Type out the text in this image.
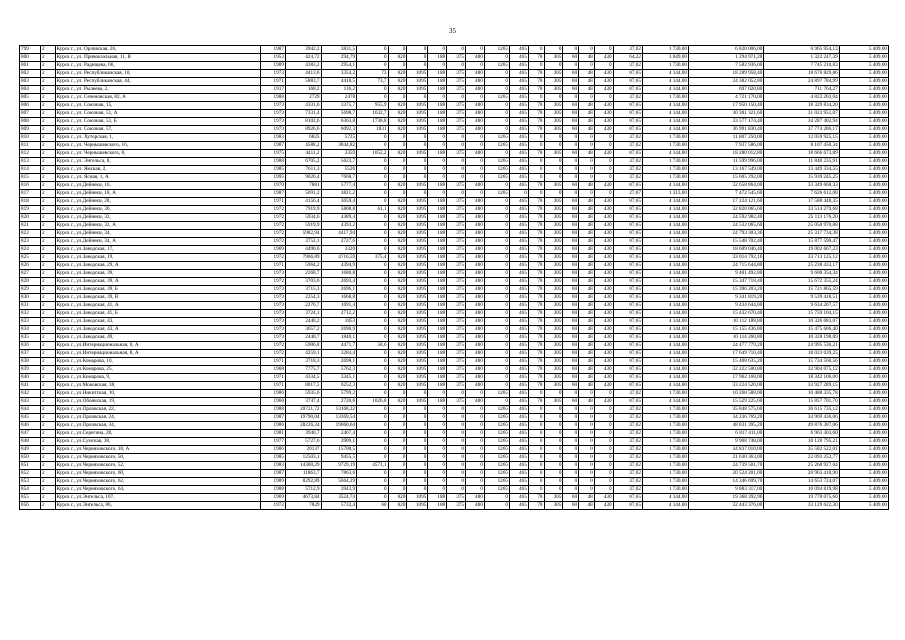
35
799	2	Курск г., ул. Орловская, 26,	1987	3942,2	3831,5	0	0	0	0	0	0	1265	465	0	0	0	0	0	37,02	1 730,00	6 820 006,00	6 965 954,13	5 409,00
800	2	Курск г., ул. Привокзальная, 11, В	1953	424,72	294,79	0	620	0	188	375	480	0	465	78	305	60	48	430	64,22	3 049,00	1 294 971,28	1 322 247,39	5 409,00
801	2	Курск г., ул. Радищева, 66,	1989	4383,2	2954,1	0	0	0	0	0	0	1265	465	0	0	0	0	0	37,02	1 730,00	7 582 936,00	7 745 210,83	5 409,00
802	2	Курск г., ул. Республиканская, 10,	1973	4413,6	3354,2	73	620	1095	188	375	480	0	465	78	305	60	48	430	87,65	4 144,00	18 289 958,40	18 676 829,86	5 409,00
803	2	Курск г., ул. Республиканская, 44,	1971	5883,7	4418,5	73,7	620	1095	188	375	480	0	465	78	305	60	48	430	87,65	4 144,00	24 382 052,80	24 897 784,99	5 409,00
804	2	Курск г., ул. Рылеева, 2,	1917	168,2	116,2	0	620	1095	188	375	480	0	465	78	305	60	48	430	87,65	4 144,00	697 020,80	711 764,27	5 409,00
805	2	Курск г., ул. Сеченовская, 82, А	1988	2729	2478	0	0	0	0	0	0	1265	465	0	0	0	0	0	37,02	1 730,00	4 721 170,00	4 822 203,04	5 409,00
806	2	Курск г., ул. Союзная, 15,	1973	4331,6	3375,7	955,9	620	1095	188	375	480	0	465	78	305	60	48	430	87,65	4 144,00	17 950 150,40	18 329 834,20	5 409,00
807	2	Курск г., ул. Союзная, 51, А	1973	7331,4	5698,7	1632,7	620	1095	188	375	480	0	465	78	305	60	48	430	87,65	4 144,00	30 381 321,60	31 023 951,07	5 409,00
808	2	Курск г., ул. Союзная, 51, Б	1973	8102,6	6363,8	1738,8	620	1095	188	375	480	0	465	78	305	60	48	430	87,65	4 144,00	33 577 174,40	34 287 402,94	5 409,00
809	2	Курск г., ул. Союзная, 57,	1973	8926,6	6092,3	1831	620	1095	188	375	480	0	465	78	305	60	48	430	87,65	4 144,00	36 991 830,40	37 774 286,17	5 409,00
810	2	Курск г., ул. Хуторская, 1,	1983	6825	5725	0	0	0	0	0	0	1265	465	0	0	0	0	0	37,02	1 730,00	11 807 250,00	12 059 925,15	5 409,00
811	2	Курск г., ул. Чернышевского, 16,	1987	4588,2	3844,82	0	0	0	0	0	0	1265	465	0	0	0	0	0	37,02	1 730,00	7 937 586,00	8 107 450,34	5 409,00
812	2	Курск г., ул. Чернышевского, 8,	1975	4411,2	3359	1052,2	620	1095	188	375	480	0	465	78	305	60	48	430	87,65	4 144,00	18 280 012,80	18 666 673,89	5 409,00
813	2	Курск г., ул. Энгельса, 8,	1988	6705,2	5623,7	0	0	0	0	0	0	1265	465	0	0	0	0	0	37,02	1 730,00	11 599 996,00	11 848 235,91	5 409,00
814	2	Курск г., ул. Ямская, 2,	1985	7611,3	5526	0	0	0	0	0	0	1265	465	0	0	0	0	0	37,02	1 730,00	13 167 549,00	13 449 334,55	5 409,00
815	2	Курск г., ул. Ясная, 1, А	1995	9020,4	7668,7	0	0	0	0	0	0	1265	465	0	0	0	0	0	37,02	1 730,00	15 605 292,00	15 939 245,25	5 409,00
816	2	Курск г., ул.Дейнеки, 16,	1970	7881	5777,4	0	620	1095	188	375	480	0	465	78	305	60	48	430	87,65	4 144,00	32 658 864,00	33 349 668,33	5 409,00
817	2	Курск г., ул.Дейнеки, 18, А	1987	5691,2	3821,2	0	0	0	0	0	0	1265	0	0	0	0	0	0	27,07	1 313,00	7 472 545,60	7 626 612,08	5 409,00
818	2	Курск г., ул.Дейнеки, 28,	1971	4156,4	3059,4	0	620	1095	188	375	480	0	465	78	305	60	48	430	87,65	4 144,00	17 224 121,60	17 588 448,35	5 409,00
819	2	Курск г., ул.Дейнеки, 30,	1972	7919,9	5808,8	61,1	620	1095	188	375	480	0	465	78	305	60	48	430	87,65	4 144,00	32 820 065,60	33 514 279,68	5 409,00
820	2	Курск г., ул.Дейнеки, 32,	1972	5934,6	4389,4	0	620	1095	188	375	480	0	465	78	305	60	48	430	87,65	4 144,00	24 592 982,40	25 113 176,20	5 409,00
821	2	Курск г., ул.Дейнеки, 32, А	1972	5919,9	4393,2	0	620	1095	188	375	480	0	465	78	305	60	48	430	87,65	4 144,00	24 532 065,60	25 050 970,88	5 409,00
822	2	Курск г., ул.Дейнеки, 34,	1972	5982,94	4417,94	0	620	1095	188	375	480	0	465	78	305	60	48	430	87,65	4 144,00	24 793 303,36	25 317 734,38	5 409,00
823	2	Курск г., ул.Дейнеки, 34, А	1972	3752,1	2727,6	0	620	1095	188	375	480	0	465	78	305	60	48	430	87,65	4 144,00	15 548 702,40	15 877 590,47	5 409,00
824	2	Курск г., ул.Заводская, 17,	1969	4490,6	3320	0	620	1095	188	375	480	0	465	78	305	60	48	430	87,65	4 144,00	18 609 046,40	19 002 667,23	5 409,00
825	2	Курск г., ул.Заводская, 19,	1972	7966,89	4716,59	375,4	620	1095	188	375	480	0	465	78	305	60	48	430	87,65	4 144,00	33 014 792,16	33 713 125,12	5 409,00
826	2	Курск г., ул.Заводская, 29, А	1971	5964,2	4394,9	0	620	1095	188	375	480	0	465	78	305	60	48	430	87,65	4 144,00	24 715 644,80	25 238 433,17	5 409,00
827	2	Курск г., ул.Заводская, 39,	1973	2268,7	1680,8	0	620	1095	188	375	480	0	465	78	305	60	48	430	87,65	4 144,00	9 401 492,80	9 600 354,34	5 409,00
828	2	Курск г., ул.Заводская, 39, А	1972	3703,6	2693,4	0	620	1095	188	375	480	0	465	78	305	60	48	430	87,65	4 144,00	15 347 718,40	15 672 355,24	5 409,00
829	2	Курск г., ул.Заводская, 39, Б	1973	3715,3	2696,1	0	620	1095	188	375	480	0	465	78	305	60	48	430	87,65	4 144,00	15 396 203,20	15 721 865,59	5 409,00
830	2	Курск г., ул.Заводская, 39, В	1973	2254,3	1668,8	0	620	1095	188	375	480	0	465	78	305	60	48	430	87,65	4 144,00	9 341 819,20	9 539 418,51	5 409,00
831	2	Курск г., ул.Заводская, 41, А	1973	2276,7	1691,4	0	620	1095	188	375	480	0	465	78	305	60	48	430	87,65	4 144,00	9 434 644,80	9 634 207,57	5 409,00
832	2	Курск г., ул.Заводская, 41, Б	1973	3724,1	2712,2	0	620	1095	188	375	480	0	465	78	305	60	48	430	87,65	4 144,00	15 432 670,40	15 759 104,15	5 409,00
833	2	Курск г., ул.Заводская, 43,	1973	2440,2	1853	0	620	1095	188	375	480	0	465	78	305	60	48	430	87,65	4 144,00	10 112 188,80	10 326 083,07	5 409,00
834	2	Курск г., ул.Заводская, 43, А	1973	3657,2	2690,9	0	620	1095	188	375	480	0	465	78	305	60	48	430	87,65	4 144,00	15 155 436,80	15 475 606,40	5 409,00
835	2	Курск г., ул.Заводская, 49,	1973	2440,7	1840,1	0	620	1095	188	375	480	0	465	78	305	60	48	430	87,65	4 144,00	10 114 260,80	10 328 198,89	5 409,00
836	2	Курск г., ул.Интернациональная, 6, А	1972	5906,8	4471,7	58,6	620	1095	188	375	480	0	465	78	305	60	48	430	87,65	4 144,00	24 477 779,20	24 995 536,21	5 409,00
837	2	Курск г., ул.Интернациональная, 8, А	1972	4259,1	3284,4	0	620	1095	188	375	480	0	465	78	305	60	48	430	87,65	4 144,00	17 649 710,40	18 023 039,25	5 409,00
838	2	Курск г., ул.Комарова, 10,	1971	3718,3	2698,1	0	620	1095	188	375	480	0	465	78	305	60	48	430	87,65	4 144,00	15 408 635,20	15 734 560,56	5 409,00
839	2	Курск г., ул.Комарова, 25,	1968	7775,7	5762,3	0	620	1095	188	375	480	0	465	78	305	60	48	430	87,65	4 144,00	32 222 500,80	32 904 075,12	5 409,00
840	2	Курск г., ул.Комарова, 9,	1971	4334,5	3345,1	0	620	1095	188	375	480	0	465	78	305	60	48	430	87,65	4 144,00	17 962 168,00	18 342 106,00	5 409,00
841	2	Курск г., ул.Моковская, 38,	1971	8017,5	6252,3	0	620	1095	188	375	480	0	465	78	305	60	48	430	87,65	4 144,00	33 224 520,00	33 927 289,15	5 409,00
842	2	Курск г., ул.Никитская, 10,	1986	5935,6	5799,2	0	0	0	0	0	0	1265	465	0	0	0	0	0	37,02	1 730,00	10 268 588,00	10 488 335,78	5 409,00
843	2	Курск г., ул.Обоянская, 19,	1968	3747,4	2720,6	1026,8	620	1095	188	375	480	0	465	78	305	60	48	430	87,65	4 144,00	15 529 225,60	15 857 701,70	5 409,00
844	2	Курск г., ул.Орловская, 22,	1988	20721,72	13168,22	0	0	0	0	0	0	1265	465	0	0	0	0	0	37,02	1 730,00	35 848 575,60	36 615 735,12	5 409,00
845	2	Курск г., ул.Орловская, 24,	1987	19790,04	13369,54	0	0	0	0	0	0	1265	465	0	0	0	0	0	37,02	1 730,00	34 236 769,20	34 969 436,06	5 409,00
846	2	Курск г., ул.Орловская, 34,	1986	28226,24	19060,64	0	0	0	0	0	0	1265	465	0	0	0	0	0	37,02	1 730,00	48 831 395,20	49 876 387,06	5 409,00
847	2	Курск г., ул.Серегина, 28,	1981	3940,7	2467,4	0	0	0	0	0	0	1265	465	0	0	0	0	0	37,02	1 730,00	6 817 411,00	6 963 303,60	5 409,00
848	2	Курск г., ул.Сумская, 38,	1977	5727,6	3909,1	0	0	0	0	0	0	1265	465	0	0	0	0	0	37,02	1 730,00	9 908 748,00	10 120 795,21	5 409,00
849	2	Курск г., ул.Черняховского, 18, А	1986	20137	15708,5	0	0	0	0	0	0	1265	465	0	0	0	0	0	37,02	1 730,00	34 837 010,00	35 582 522,01	5 409,00
850	2	Курск г., ул.Черняховского, 50,	1985	12503,1	9455,5	0	0	0	0	0	0	1265	465	0	0	0	0	0	37,02	1 730,00	21 630 363,00	22 093 252,77	5 409,00
851	2	Курск г., ул.Черняховского, 52,	1983	14300,29	9729,19	4571,1	0	0	0	0	0	1265	465	0	0	0	0	0	37,02	1 730,00	24 739 501,70	25 268 927,04	5 409,00
852	2	Курск г., ул.Черняховского, 60,	1987	11863,7	7863,6	0	0	0	0	0	0	1265	465	0	0	0	0	0	37,02	1 730,00	20 524 201,00	20 963 418,90	5 409,00
853	2	Курск г., ул.Черняховского, 62,	1989	8292,89	5664,29	0	0	0	0	0	0	1265	465	0	0	0	0	0	37,02	1 730,00	14 346 699,70	14 653 724,07	5 409,00
854	2	Курск г., ул.Черняховского, 64,	1988	5712,9	3943,9	0	0	0	0	0	0	1265	465	0	0	0	0	0	37,02	1 730,00	9 883 317,00	10 094 819,98	5 409,00
855	2	Курск г., ул.Энгельса, 107,	1969	4673,84	3524,74	0	620	1095	188	375	480	0	465	78	305	60	48	430	87,65	4 144,00	19 368 392,96	19 778 075,60	5 409,00
856	2	Курск г., ул.Энгельса, 86,	1972	7829	5732,4	60	620	1095	188	375	480	0	465	78	305	60	48	430	87,65	4 144,00	32 443 376,00	33 129 622,30	5 409,00
